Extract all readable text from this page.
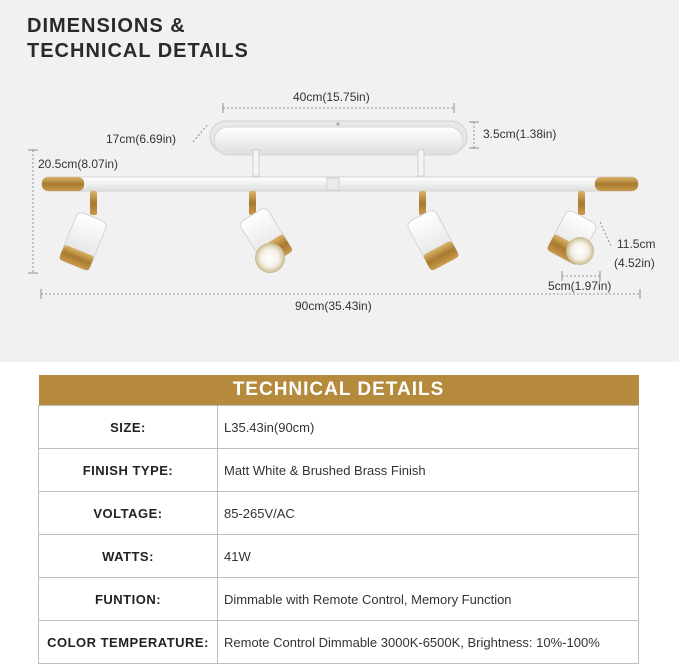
DIMENSIONS &
TECHNICAL DETAILS
40cm(15.75in)
17cm(6.69in)	3.5cm(1.38in)
20.5cm(8.07in)
11.5cm
(4.52in)
5cm(1.97in)
90cm(35.43in)
TECHNICAL DETAILS	
SIZE:	L35.43in(90cm)
FINISH TYPE:	Matt White & Brushed Brass Finish
VOLTAGE:	85-265V/AC
WATTS:	41W
FUNTION:	Dimmable with Remote Control, Memory Function
COLOR TEMPERATURE:	Remote Control Dimmable 3000K-6500K, Brightness: 10%-100%
